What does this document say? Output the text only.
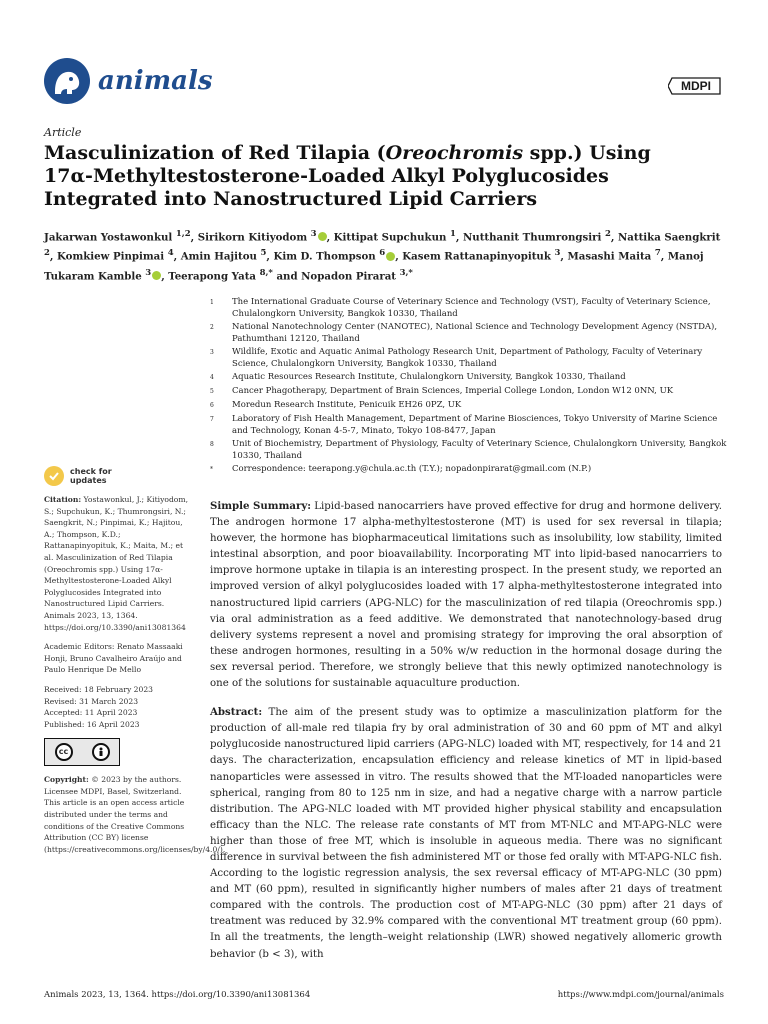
animals	MDPI
Article
Masculinization of Red Tilapia (Oreochromis spp.) Using
17α-Methyltestosterone-Loaded Alkyl Polyglucosides
Integrated into Nanostructured Lipid Carriers
Jakarwan Yostawonkul $^{1,2}$, Sirikorn Kitiyodom $^3$ , Kittipat Supchukun $^1$, Nutthanit Thumrongsiri $^2$, Nattika Saengkrit $^2$, Komkiew Pinpimai $^4$, Amin Hajitou $^5$, Kim D. Thompson $^6$ , Kasem Rattanapinyopituk $^3$, Masashi Maita $^7$, Manoj Tukaram Kamble $^3$ , Teerapong Yata $^{8,*}$ and Nopadon Pirarat $^{3,*}$
1	The International Graduate Course of Veterinary Science and Technology (VST), Faculty of Veterinary Science, Chulalongkorn University, Bangkok 10330, Thailand
2	National Nanotechnology Center (NANOTEC), National Science and Technology Development Agency (NSTDA), Pathumthani 12120, Thailand
3	Wildlife, Exotic and Aquatic Animal Pathology Research Unit, Department of Pathology, Faculty of Veterinary Science, Chulalongkorn University, Bangkok 10330, Thailand
4	Aquatic Resources Research Institute, Chulalongkorn University, Bangkok 10330, Thailand
5	Cancer Phagotherapy, Department of Brain Sciences, Imperial College London, London W12 0NN, UK
6	Moredun Research Institute, Penicuik EH26 0PZ, UK
7	Laboratory of Fish Health Management, Department of Marine Biosciences, Tokyo University of Marine Science and Technology, Konan 4-5-7, Minato, Tokyo 108-8477, Japan
8	Unit of Biochemistry, Department of Physiology, Faculty of Veterinary Science, Chulalongkorn University, Bangkok 10330, Thailand
*	Correspondence: teerapong.y@chula.ac.th (T.Y.); nopadonpirarat@gmail.com (N.P.)
check for
updates
Citation: Yostawonkul, J.; Kitiyodom, S.; Supchukun, K.; Thumrongsiri, N.; Saengkrit, N.; Pinpimai, K.; Hajitou, A.; Thompson, K.D.; Rattanapinyopituk, K.; Maita, M.; et al. Masculinization of Red Tilapia (Oreochromis spp.) Using 17α-Methyltestosterone-Loaded Alkyl Polyglucosides Integrated into Nanostructured Lipid Carriers. Animals 2023, 13, 1364. https://doi.org/10.3390/ani13081364
Academic Editors: Renato Massaaki Honji, Bruno Cavalheiro Araújo and Paulo Henrique De Mello
Received: 18 February 2023
Revised: 31 March 2023
Accepted: 11 April 2023
Published: 16 April 2023
cc
Copyright: © 2023 by the authors. Licensee MDPI, Basel, Switzerland. This article is an open access article distributed under the terms and conditions of the Creative Commons Attribution (CC BY) license (https://creativecommons.org/licenses/by/4.0/).
Simple Summary: Lipid-based nanocarriers have proved effective for drug and hormone delivery. The androgen hormone 17 alpha-methyltestosterone (MT) is used for sex reversal in tilapia; however, the hormone has biopharmaceutical limitations such as insolubility, low stability, limited intestinal absorption, and poor bioavailability. Incorporating MT into lipid-based nanocarriers to improve hormone uptake in tilapia is an interesting prospect. In the present study, we reported an improved version of alkyl polyglucosides loaded with 17 alpha-methyltestosterone integrated into nanostructured lipid carriers (APG-NLC) for the masculinization of red tilapia (Oreochromis spp.) via oral administration as a feed additive. We demonstrated that nanotechnology-based drug delivery systems represent a novel and promising strategy for improving the oral absorption of these androgen hormones, resulting in a 50% w/w reduction in the hormonal dosage during the sex reversal period. Therefore, we strongly believe that this newly optimized nanotechnology is one of the solutions for sustainable aquaculture production.
Abstract: The aim of the present study was to optimize a masculinization platform for the production of all-male red tilapia fry by oral administration of 30 and 60 ppm of MT and alkyl polyglucoside nanostructured lipid carriers (APG-NLC) loaded with MT, respectively, for 14 and 21 days. The characterization, encapsulation efficiency and release kinetics of MT in lipid-based nanoparticles were assessed in vitro. The results showed that the MT-loaded nanoparticles were spherical, ranging from 80 to 125 nm in size, and had a negative charge with a narrow particle distribution. The APG-NLC loaded with MT provided higher physical stability and encapsulation efficacy than the NLC. The release rate constants of MT from MT-NLC and MT-APG-NLC were higher than those of free MT, which is insoluble in aqueous media. There was no significant difference in survival between the fish administered MT or those fed orally with MT-APG-NLC fish. According to the logistic regression analysis, the sex reversal efficacy of MT-APG-NLC (30 ppm) and MT (60 ppm), resulted in significantly higher numbers of males after 21 days of treatment compared with the controls. The production cost of MT-APG-NLC (30 ppm) after 21 days of treatment was reduced by 32.9% compared with the conventional MT treatment group (60 ppm). In all the treatments, the length–weight relationship (LWR) showed negatively allomeric growth behavior (b < 3), with
Animals 2023, 13, 1364. https://doi.org/10.3390/ani13081364	https://www.mdpi.com/journal/animals
